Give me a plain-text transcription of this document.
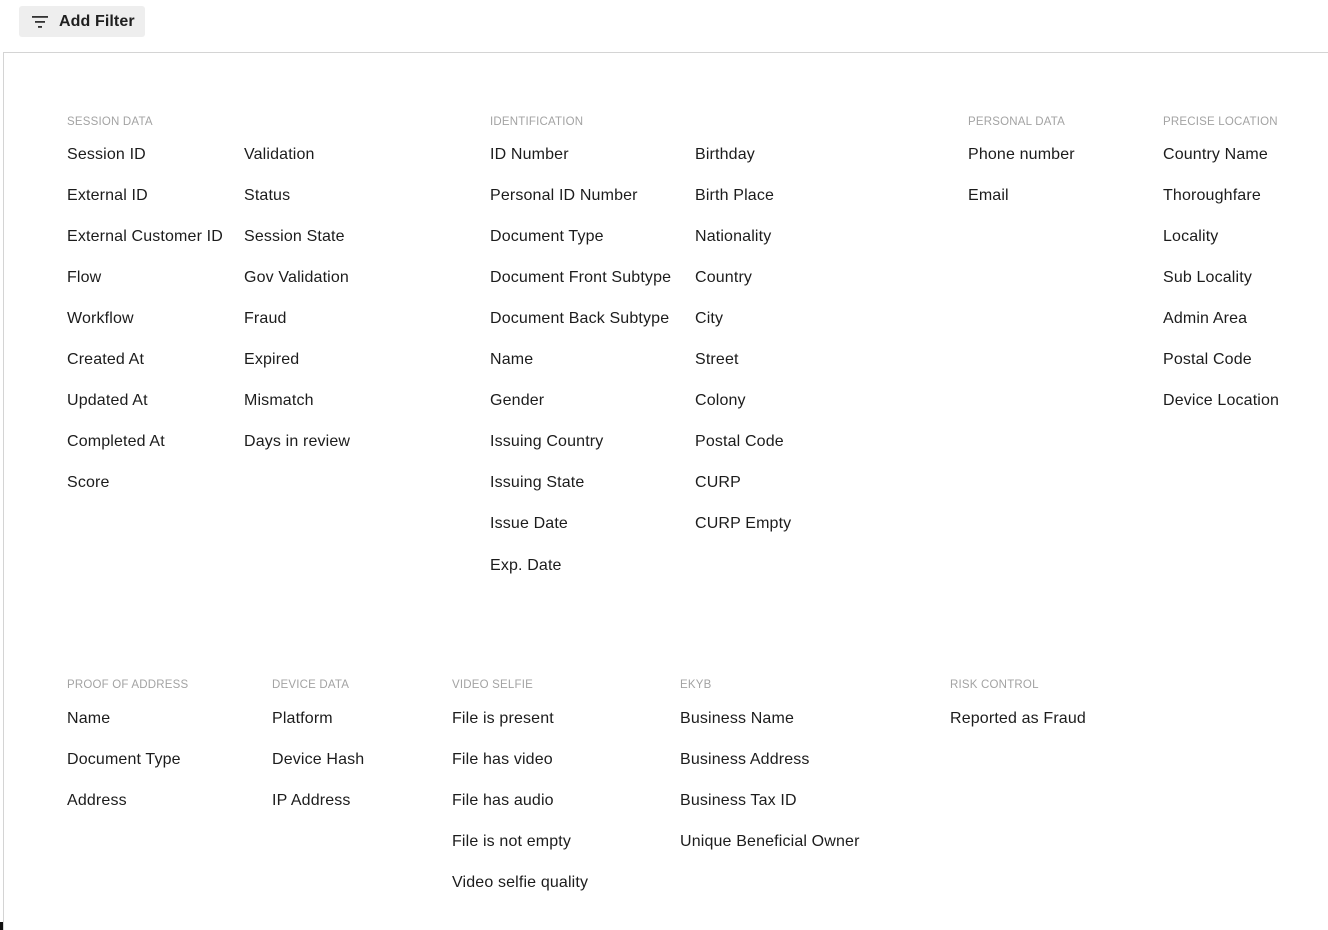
Add Filter
SESSION DATA
Session ID
External ID
External Customer ID
Flow
Workflow
Created At
Updated At
Completed At
Score
Validation
Status
Session State
Gov Validation
Fraud
Expired
Mismatch
Days in review
IDENTIFICATION
ID Number
Personal ID Number
Document Type
Document Front Subtype
Document Back Subtype
Name
Gender
Issuing Country
Issuing State
Issue Date
Exp. Date
Birthday
Birth Place
Nationality
Country
City
Street
Colony
Postal Code
CURP
CURP Empty
PERSONAL DATA
Phone number
Email
PRECISE LOCATION
Country Name
Thoroughfare
Locality
Sub Locality
Admin Area
Postal Code
Device Location
PROOF OF ADDRESS
Name
Document Type
Address
DEVICE DATA
Platform
Device Hash
IP Address
VIDEO SELFIE
File is present
File has video
File has audio
File is not empty
Video selfie quality
EKYB
Business Name
Business Address
Business Tax ID
Unique Beneficial Owner
RISK CONTROL
Reported as Fraud
